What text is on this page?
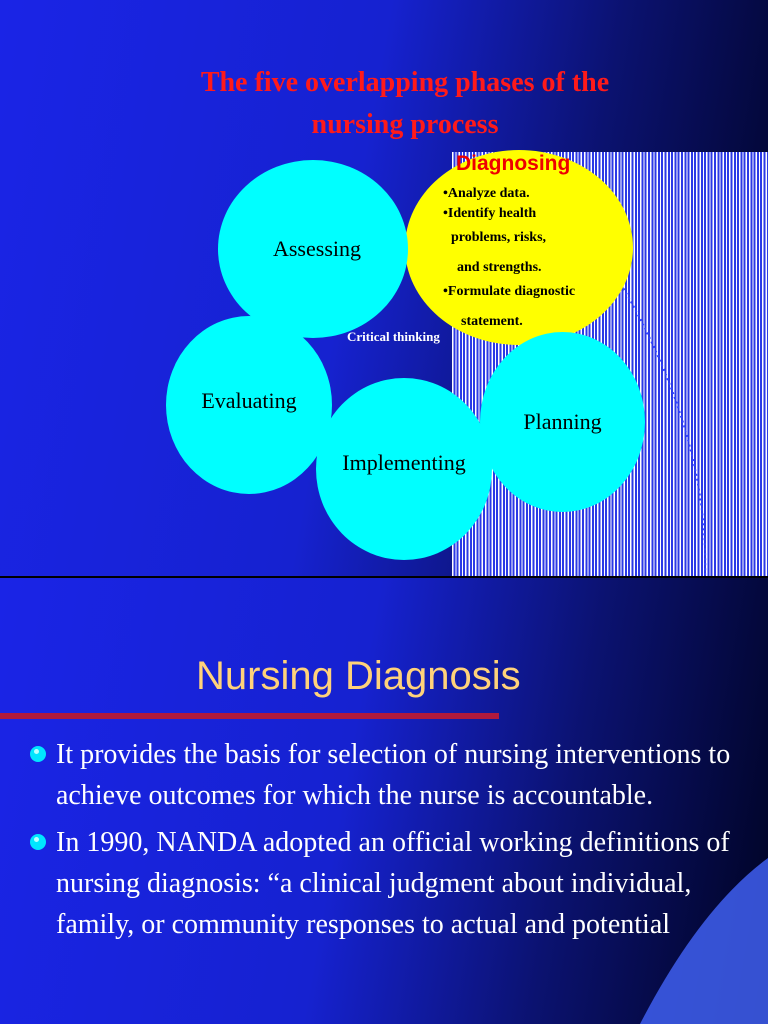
The five overlapping phases of the
nursing process
Diagnosing
•Analyze data.
•Identify health
problems, risks,
and strengths.
•Formulate diagnostic
statement.
Assessing
Planning
Evaluating
Implementing
Critical thinking
Nursing Diagnosis
It provides the basis for selection of nursing interventions to achieve outcomes for which the nurse is accountable.
In 1990, NANDA adopted an official working definitions of nursing diagnosis: “a clinical judgment about individual, family, or community responses to actual and potential
